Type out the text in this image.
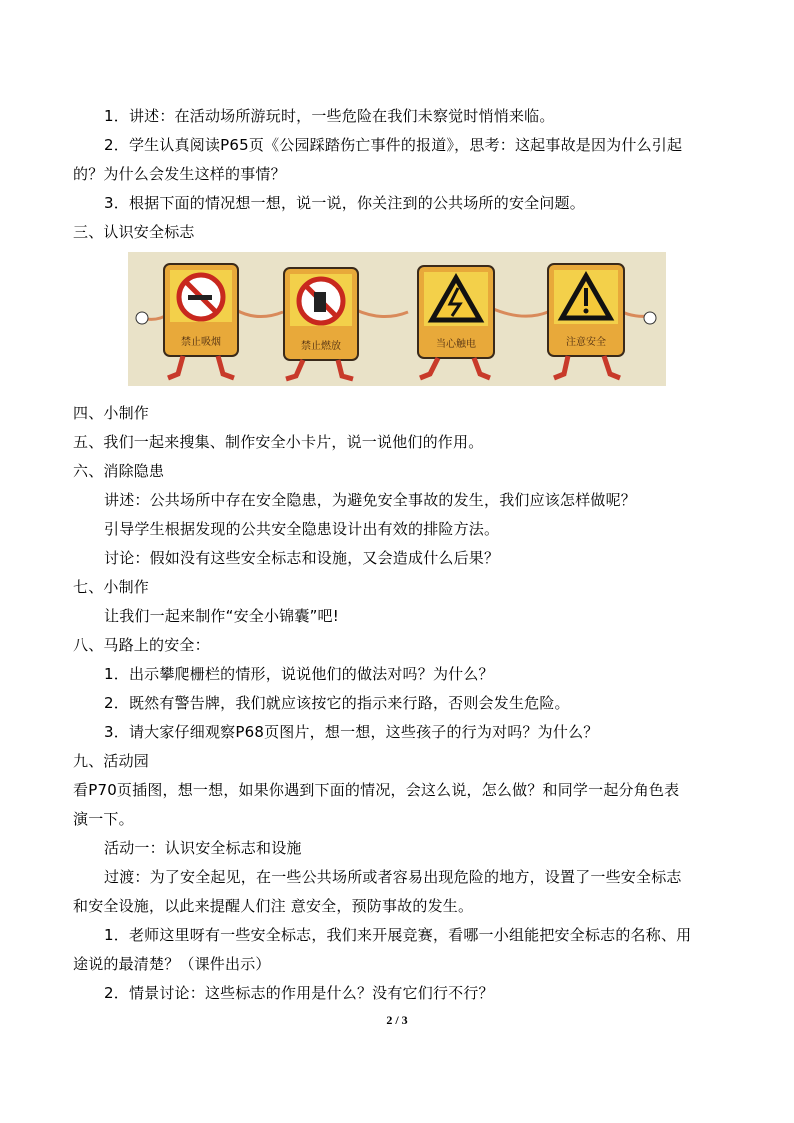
1．讲述：在活动场所游玩时，一些危险在我们未察觉时悄悄来临。
2．学生认真阅读P65页《公园踩踏伤亡事件的报道》，思考：这起事故是因为什么引起
的？为什么会发生这样的事情？
3．根据下面的情况想一想，说一说，你关注到的公共场所的安全问题。
三、认识安全标志
禁止吸烟	禁止燃放	当心触电	注意安全
四、小制作
五、我们一起来搜集、制作安全小卡片，说一说他们的作用。
六、消除隐患
讲述：公共场所中存在安全隐患，为避免安全事故的发生，我们应该怎样做呢？
引导学生根据发现的公共安全隐患设计出有效的排险方法。
讨论：假如没有这些安全标志和设施，又会造成什么后果？
七、小制作
让我们一起来制作“安全小锦囊”吧!
八、马路上的安全：
1．出示攀爬栅栏的情形，说说他们的做法对吗？为什么？
2．既然有警告牌，我们就应该按它的指示来行路，否则会发生危险。
3．请大家仔细观察P68页图片，想一想，这些孩子的行为对吗？为什么？
九、活动园
看P70页插图，想一想，如果你遇到下面的情况，会这么说，怎么做？和同学一起分角色表
演一下。
活动一：认识安全标志和设施
过渡：为了安全起见，在一些公共场所或者容易出现危险的地方，设置了一些安全标志
和安全设施，以此来提醒人们注 意安全，预防事故的发生。
1．老师这里呀有一些安全标志，我们来开展竞赛，看哪一小组能把安全标志的名称、用
途说的最清楚？（课件出示）
2．情景讨论：这些标志的作用是什么？没有它们行不行？
2 / 3
